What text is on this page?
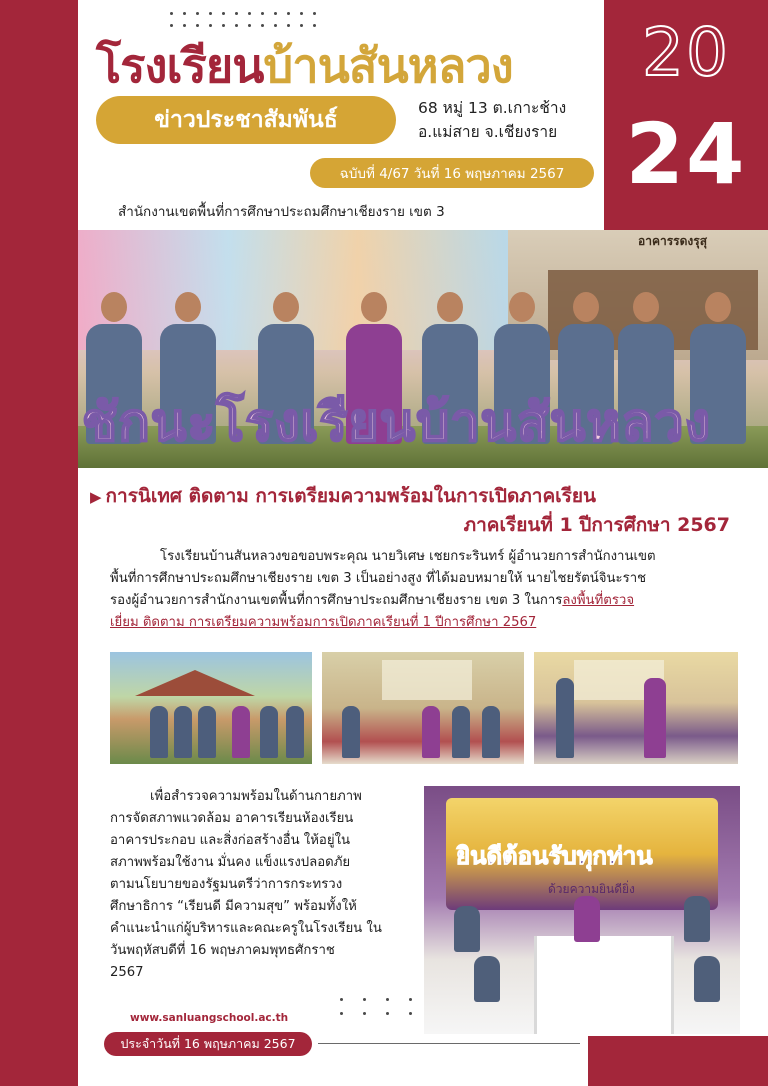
โรงเรียนบ้านสันหลวง
ข่าวประชาสัมพันธ์	68 หมู่ 13 ต.เกาะช้าง
อ.แม่สาย จ.เชียงราย
ฉบับที่ 4/67 วันที่ 16 พฤษภาคม 2567
สำนักงานเขตพื้นที่การศึกษาประถมศึกษาเชียงราย เขต 3
20
24
อาคารรดงรุสุ
ชักนะโรงเรียนบ้านสันหลวง
▶ การนิเทศ ติดตาม การเตรียมความพร้อมในการเปิดภาคเรียน
ภาคเรียนที่ 1 ปีการศึกษา 2567

โรงเรียนบ้านสันหลวงขอขอบพระคุณ นายวิเศษ เชยกระรินทร์ ผู้อำนวยการสำนักงานเขต

พื้นที่การศึกษาประถมศึกษาเชียงราย เขต 3 เป็นอย่างสูง ที่ได้มอบหมายให้ นายไชยรัตน์จินะราช

รองผู้อำนวยการสำนักงานเขตพื้นที่การศึกษาประถมศึกษาเชียงราย เขต 3 ในการลงพื้นที่ตรวจ

เยี่ยม ติดตาม การเตรียมความพร้อมการเปิดภาคเรียนที่ 1 ปีการศึกษา 2567

เพื่อสำรวจความพร้อมในด้านกายภาพ

การจัดสภาพแวดล้อม อาคารเรียนห้องเรียน

อาคารประกอบ และสิ่งก่อสร้างอื่น ให้อยู่ใน

สภาพพร้อมใช้งาน มั่นคง แข็งแรงปลอดภัย

ตามนโยบายของรัฐมนตรีว่าการกระทรวง

ศึกษาธิการ “เรียนดี มีความสุข” พร้อมทั้งให้

คำแนะนำแก่ผู้บริหารและคณะครูในโรงเรียน ใน

วันพฤหัสบดีที่ 16 พฤษภาคมพุทธศักราช

2567

ยินดีต้อนรับทุกท่าน
ด้วยความยินดียิ่ง
www.sanluangschool.ac.th
ประจำวันที่ 16 พฤษภาคม 2567
